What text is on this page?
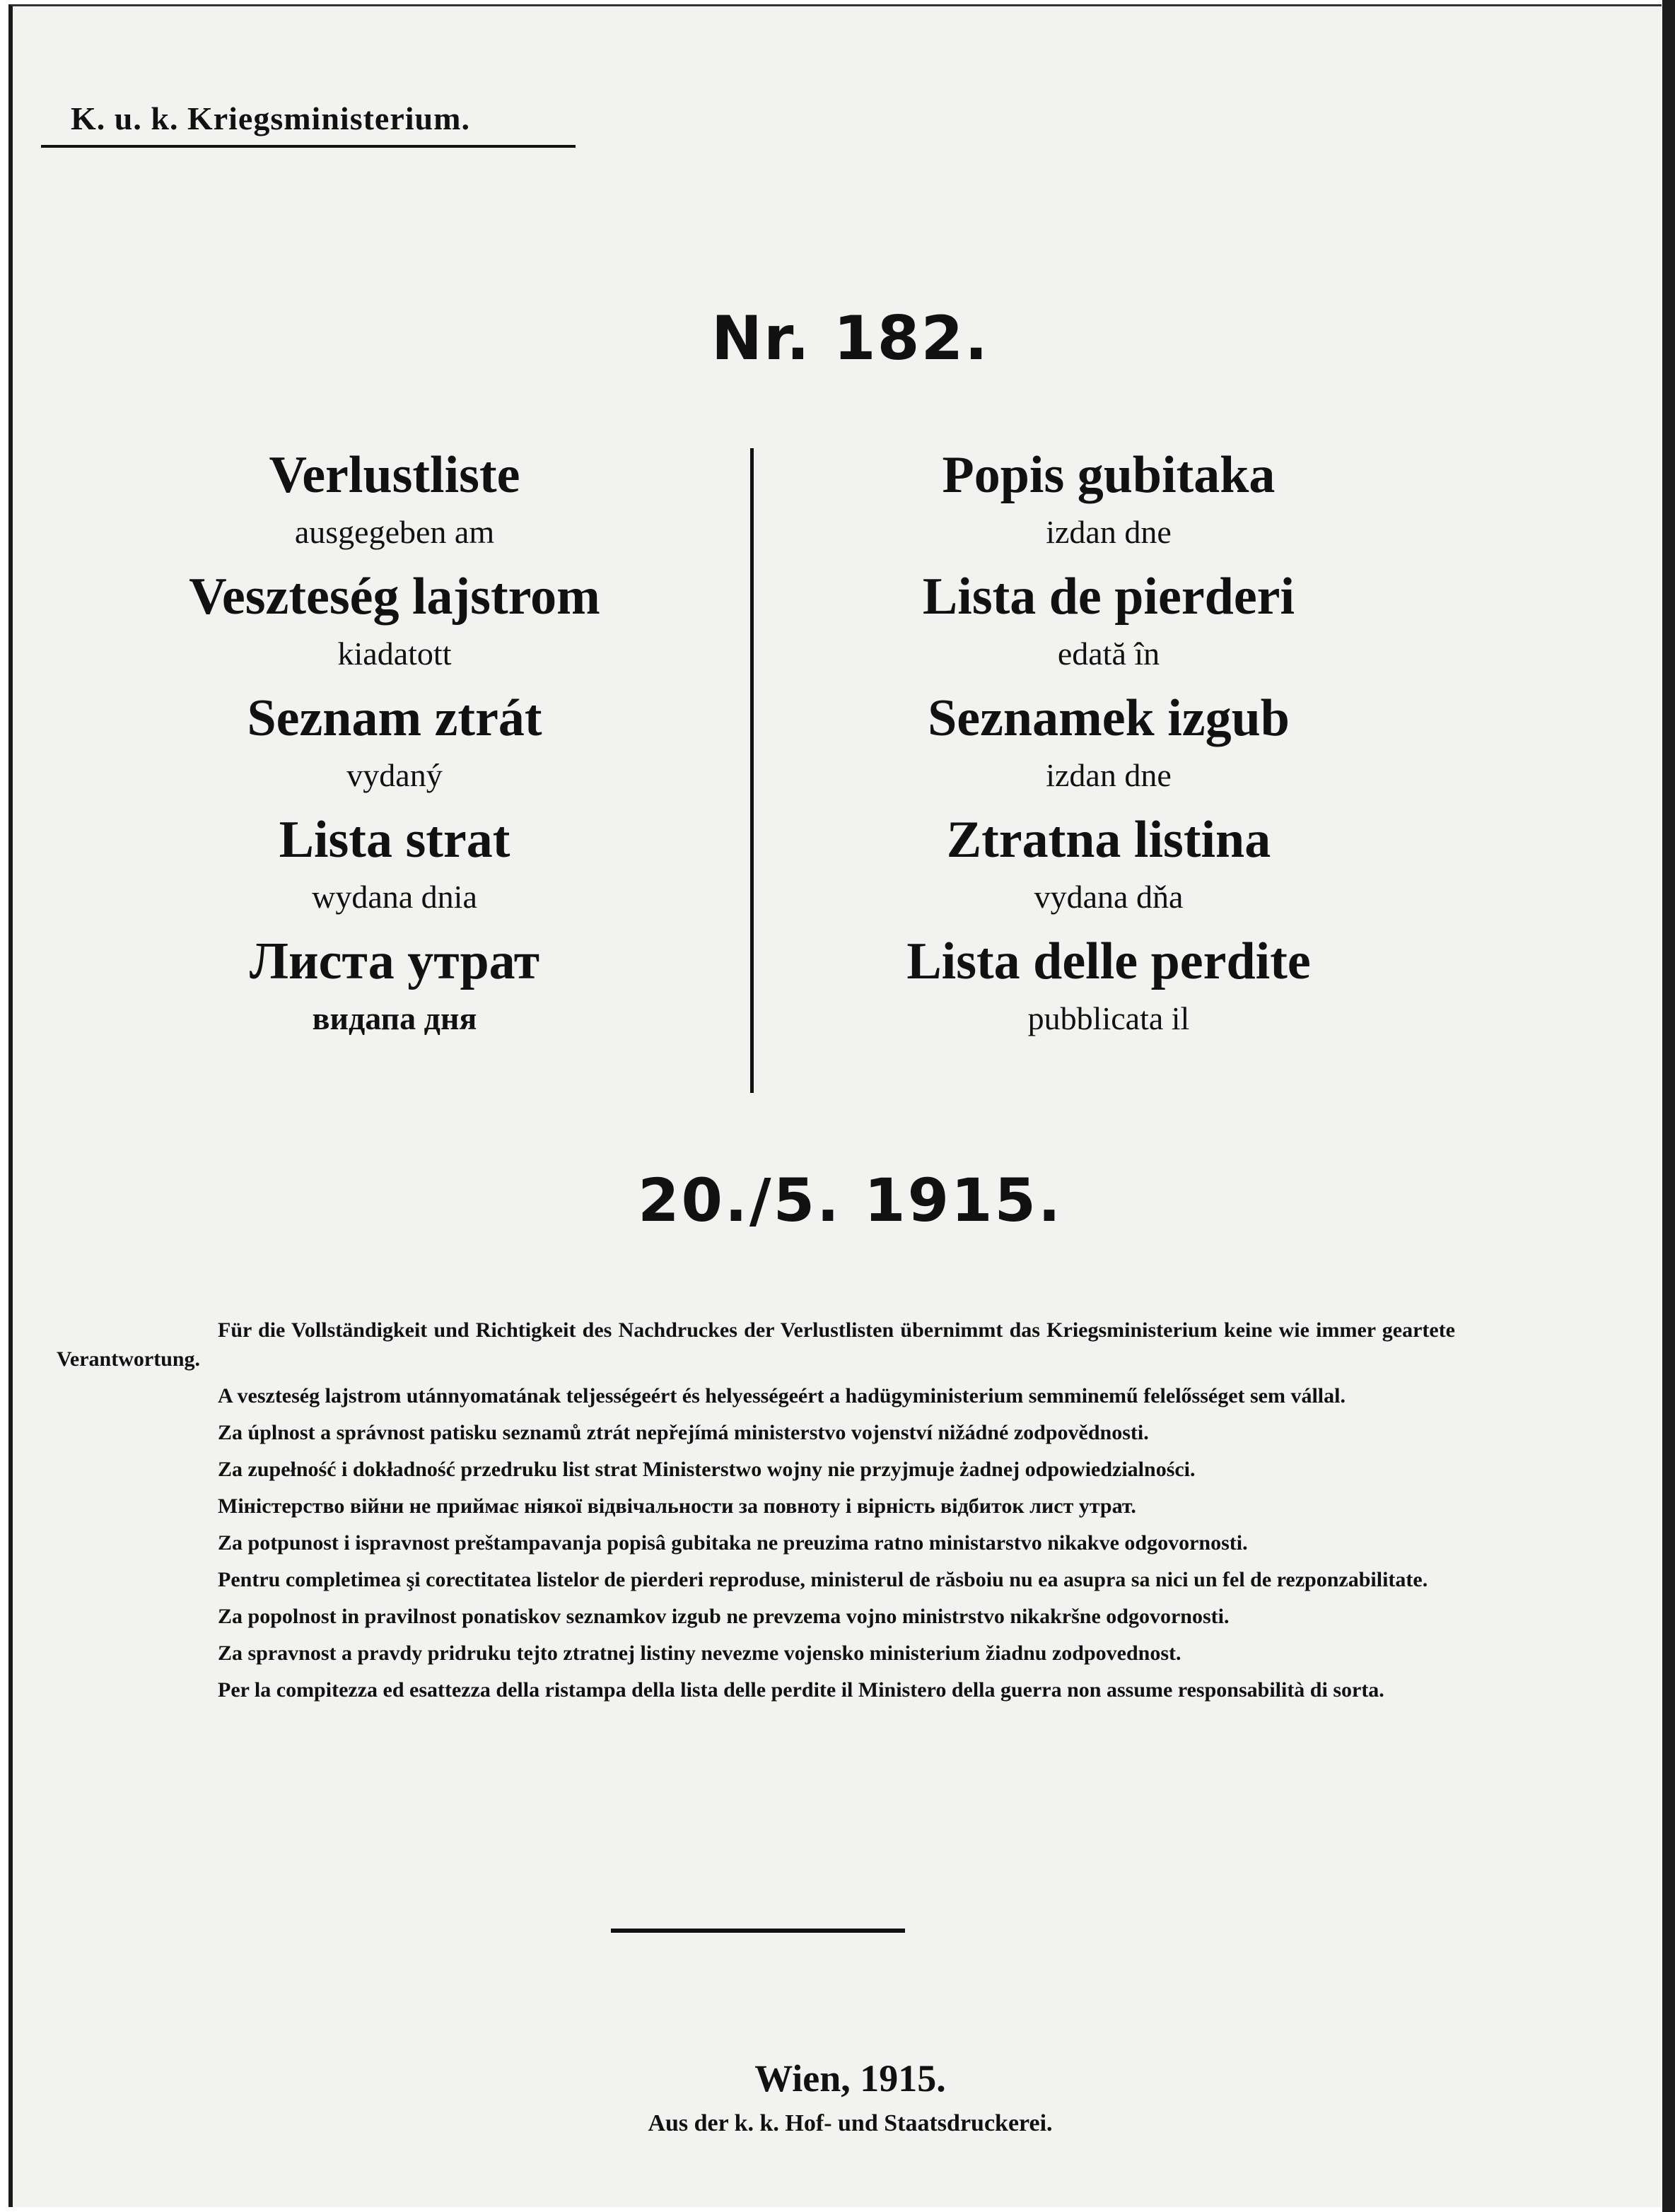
K. u. k. Kriegsministerium.
Nr. 182.
Verlustliste
ausgegeben am
Veszteség lajstrom
kiadatott
Seznam ztrát
vydaný
Lista strat
wydana dnia
Листа утрат
видапа дня
Popis gubitaka
izdan dne
Lista de pierderi
edată în
Seznamek izgub
izdan dne
Ztratna listina
vydana dňa
Lista delle perdite
pubblicata il
20./5. 1915.

Für die Vollständigkeit und Richtigkeit des Nachdruckes der Verlustlisten übernimmt das Kriegsministerium keine wie immer geartete Verantwortung.

A veszteség lajstrom utánnyomatának teljességeért és helyességeért a hadügyministerium semminemű felelősséget sem vállal.

Za úplnost a správnost patisku seznamů ztrát nepřejímá ministerstvo vojenství nižádné zodpovědnosti.

Za zupełność i dokładność przedruku list strat Ministerstwo wojny nie przyjmuje żadnej odpowiedzialności.

Міністерство війни не приймає ніякої відвічальности за повноту і вірність відбиток лист утрат.

Za potpunost i ispravnost preštampavanja popisâ gubitaka ne preuzima ratno ministarstvo nikakve odgovornosti.

Pentru completimea şi corectitatea listelor de pierderi reproduse, ministerul de răsboiu nu ea asupra sa nici un fel de rezponzabilitate.

Za popolnost in pravilnost ponatiskov seznamkov izgub ne prevzema vojno ministrstvo nikakršne odgovornosti.

Za spravnost a pravdy pridruku tejto ztratnej listiny nevezme vojensko ministerium žiadnu zodpovednost.

Per la compitezza ed esattezza della ristampa della lista delle perdite il Ministero della guerra non assume responsabilità di sorta.

Wien, 1915.
Aus der k. k. Hof- und Staatsdruckerei.
